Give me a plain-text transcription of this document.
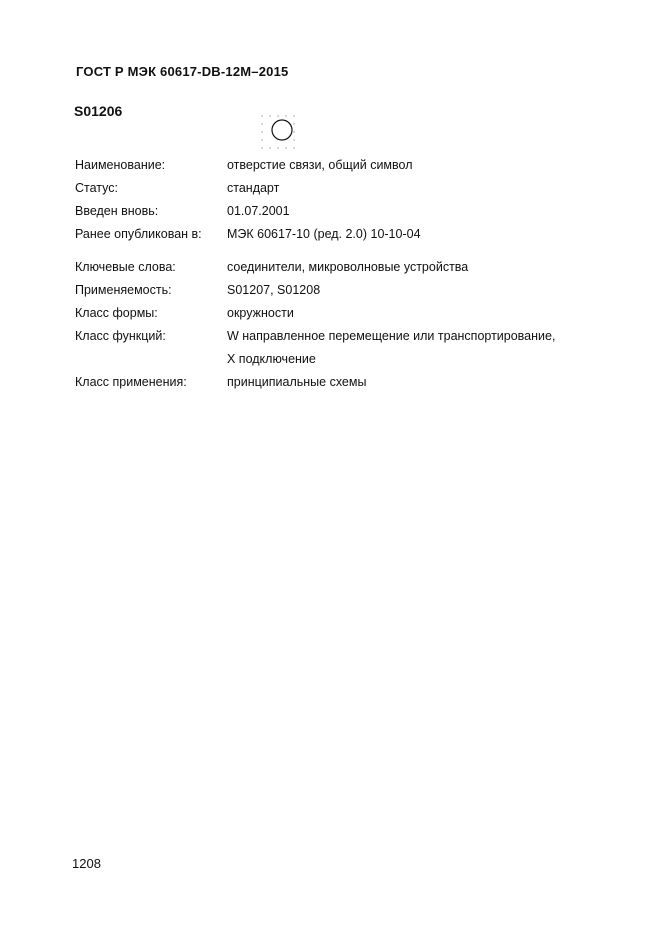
ГОСТ Р МЭК 60617-DB-12M–2015
S01206
Наименование:	отверстие связи, общий символ
Статус:	стандарт
Введен вновь:	01.07.2001
Ранее опубликован в:	МЭК 60617-10 (ред. 2.0) 10-10-04
Ключевые слова:	соединители, микроволновые устройства
Применяемость:	S01207, S01208
Класс формы:	окружности
Класс функций:	W направленное перемещение или транспортирование,
X подключение
Класс применения:	принципиальные схемы
1208
